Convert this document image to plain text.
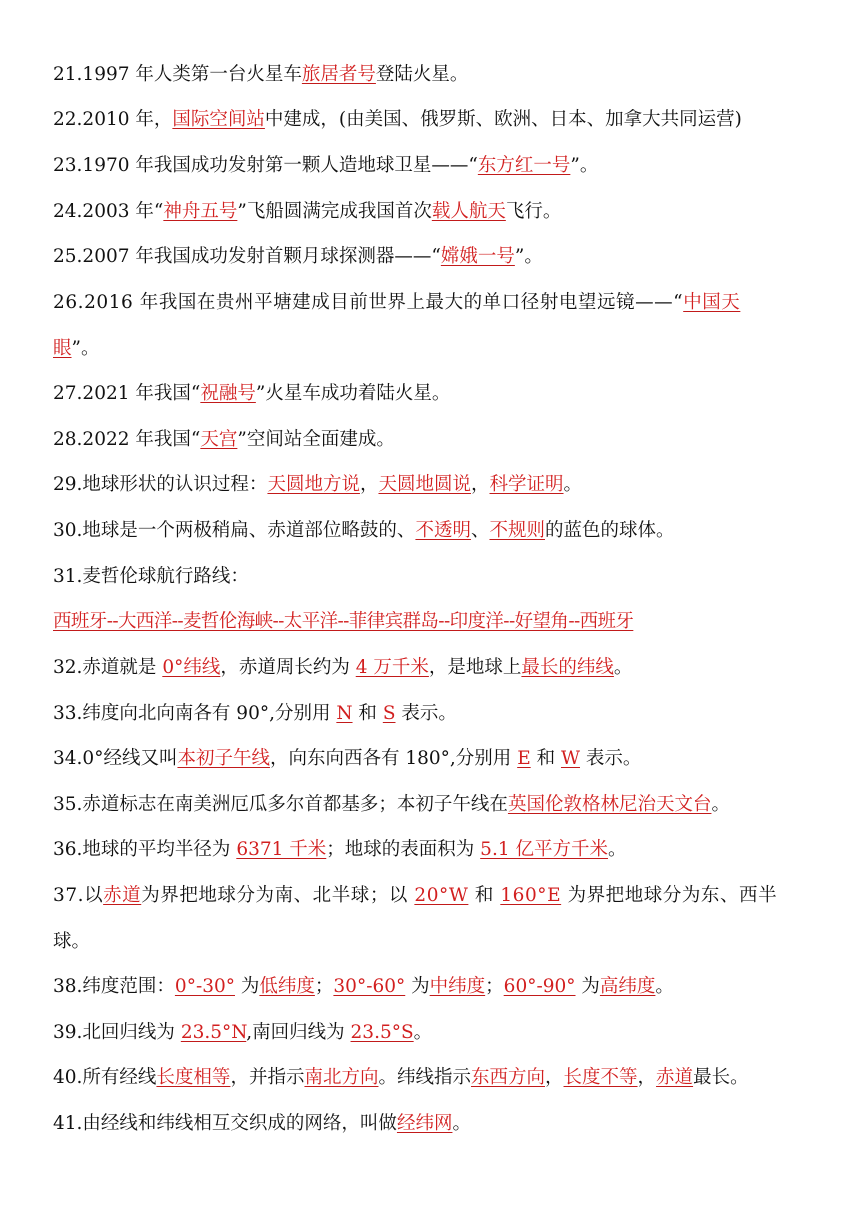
21.1997 年人类第一台火星车旅居者号登陆火星。
22.2010 年，国际空间站中建成，(由美国、俄罗斯、欧洲、日本、加拿大共同运营)
23.1970 年我国成功发射第一颗人造地球卫星——“东方红一号”。
24.2003 年“神舟五号”飞船圆满完成我国首次载人航天飞行。
25.2007 年我国成功发射首颗月球探测器——“嫦娥一号”。
26.2016 年我国在贵州平塘建成目前世界上最大的单口径射电望远镜——“中国天
眼”。
27.2021 年我国“祝融号”火星车成功着陆火星。
28.2022 年我国“天宫”空间站全面建成。
29.地球形状的认识过程：天圆地方说，天圆地圆说，科学证明。
30.地球是一个两极稍扁、赤道部位略鼓的、不透明、不规则的蓝色的球体。
31.麦哲伦球航行路线：
西班牙--大西洋--麦哲伦海峡--太平洋--菲律宾群岛--印度洋--好望角--西班牙
32.赤道就是 0°纬线，赤道周长约为 4 万千米，是地球上最长的纬线。
33.纬度向北向南各有 90°,分别用 N 和 S 表示。
34.0°经线又叫本初子午线，向东向西各有 180°,分别用 E 和 W 表示。
35.赤道标志在南美洲厄瓜多尔首都基多；本初子午线在英国伦敦格林尼治天文台。
36.地球的平均半径为 6371 千米；地球的表面积为 5.1 亿平方千米。
37.以赤道为界把地球分为南、北半球；以 20°W 和 160°E 为界把地球分为东、西半
球。
38.纬度范围：0°-30° 为低纬度；30°-60° 为中纬度；60°-90° 为高纬度。
39.北回归线为 23.5°N,南回归线为 23.5°S。
40.所有经线长度相等，并指示南北方向。纬线指示东西方向，长度不等，赤道最长。
41.由经线和纬线相互交织成的网络，叫做经纬网。
